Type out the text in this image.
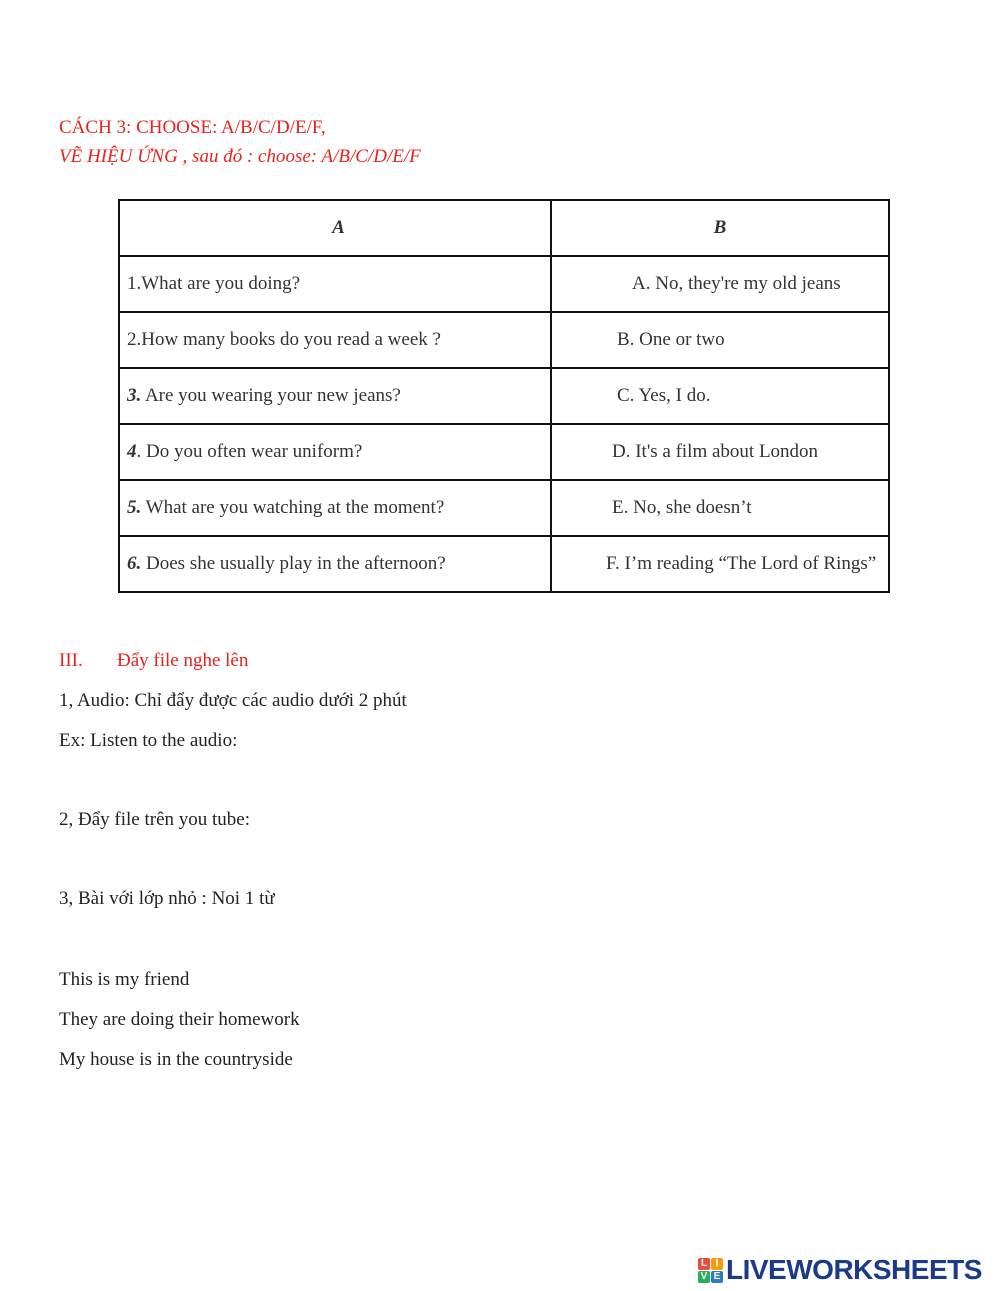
CÁCH 3: CHOOSE: A/B/C/D/E/F,
VẼ HIỆU ỨNG , sau đó : choose: A/B/C/D/E/F
A	B
1.What are you doing?	A. No, they're my old jeans
2.How many books do you read a week ?	B. One or two
3. Are you wearing your new jeans?	C. Yes, I do.
4. Do you often wear uniform?	D. It's a film about London
5. What are you watching at the moment?	E. No, she doesn’t
6. Does she usually play in the afternoon?	F. I’m reading “The Lord of Rings”
III. Đẩy file nghe lên
1, Audio: Chỉ đẩy được các audio dưới 2 phút
Ex: Listen to the audio:
2, Đẩy file trên you tube:
3, Bài với lớp nhỏ : Noi 1 từ
This is my friend
They are doing their homework
My house is in the countryside
L I
V E LIVEWORKSHEETS
